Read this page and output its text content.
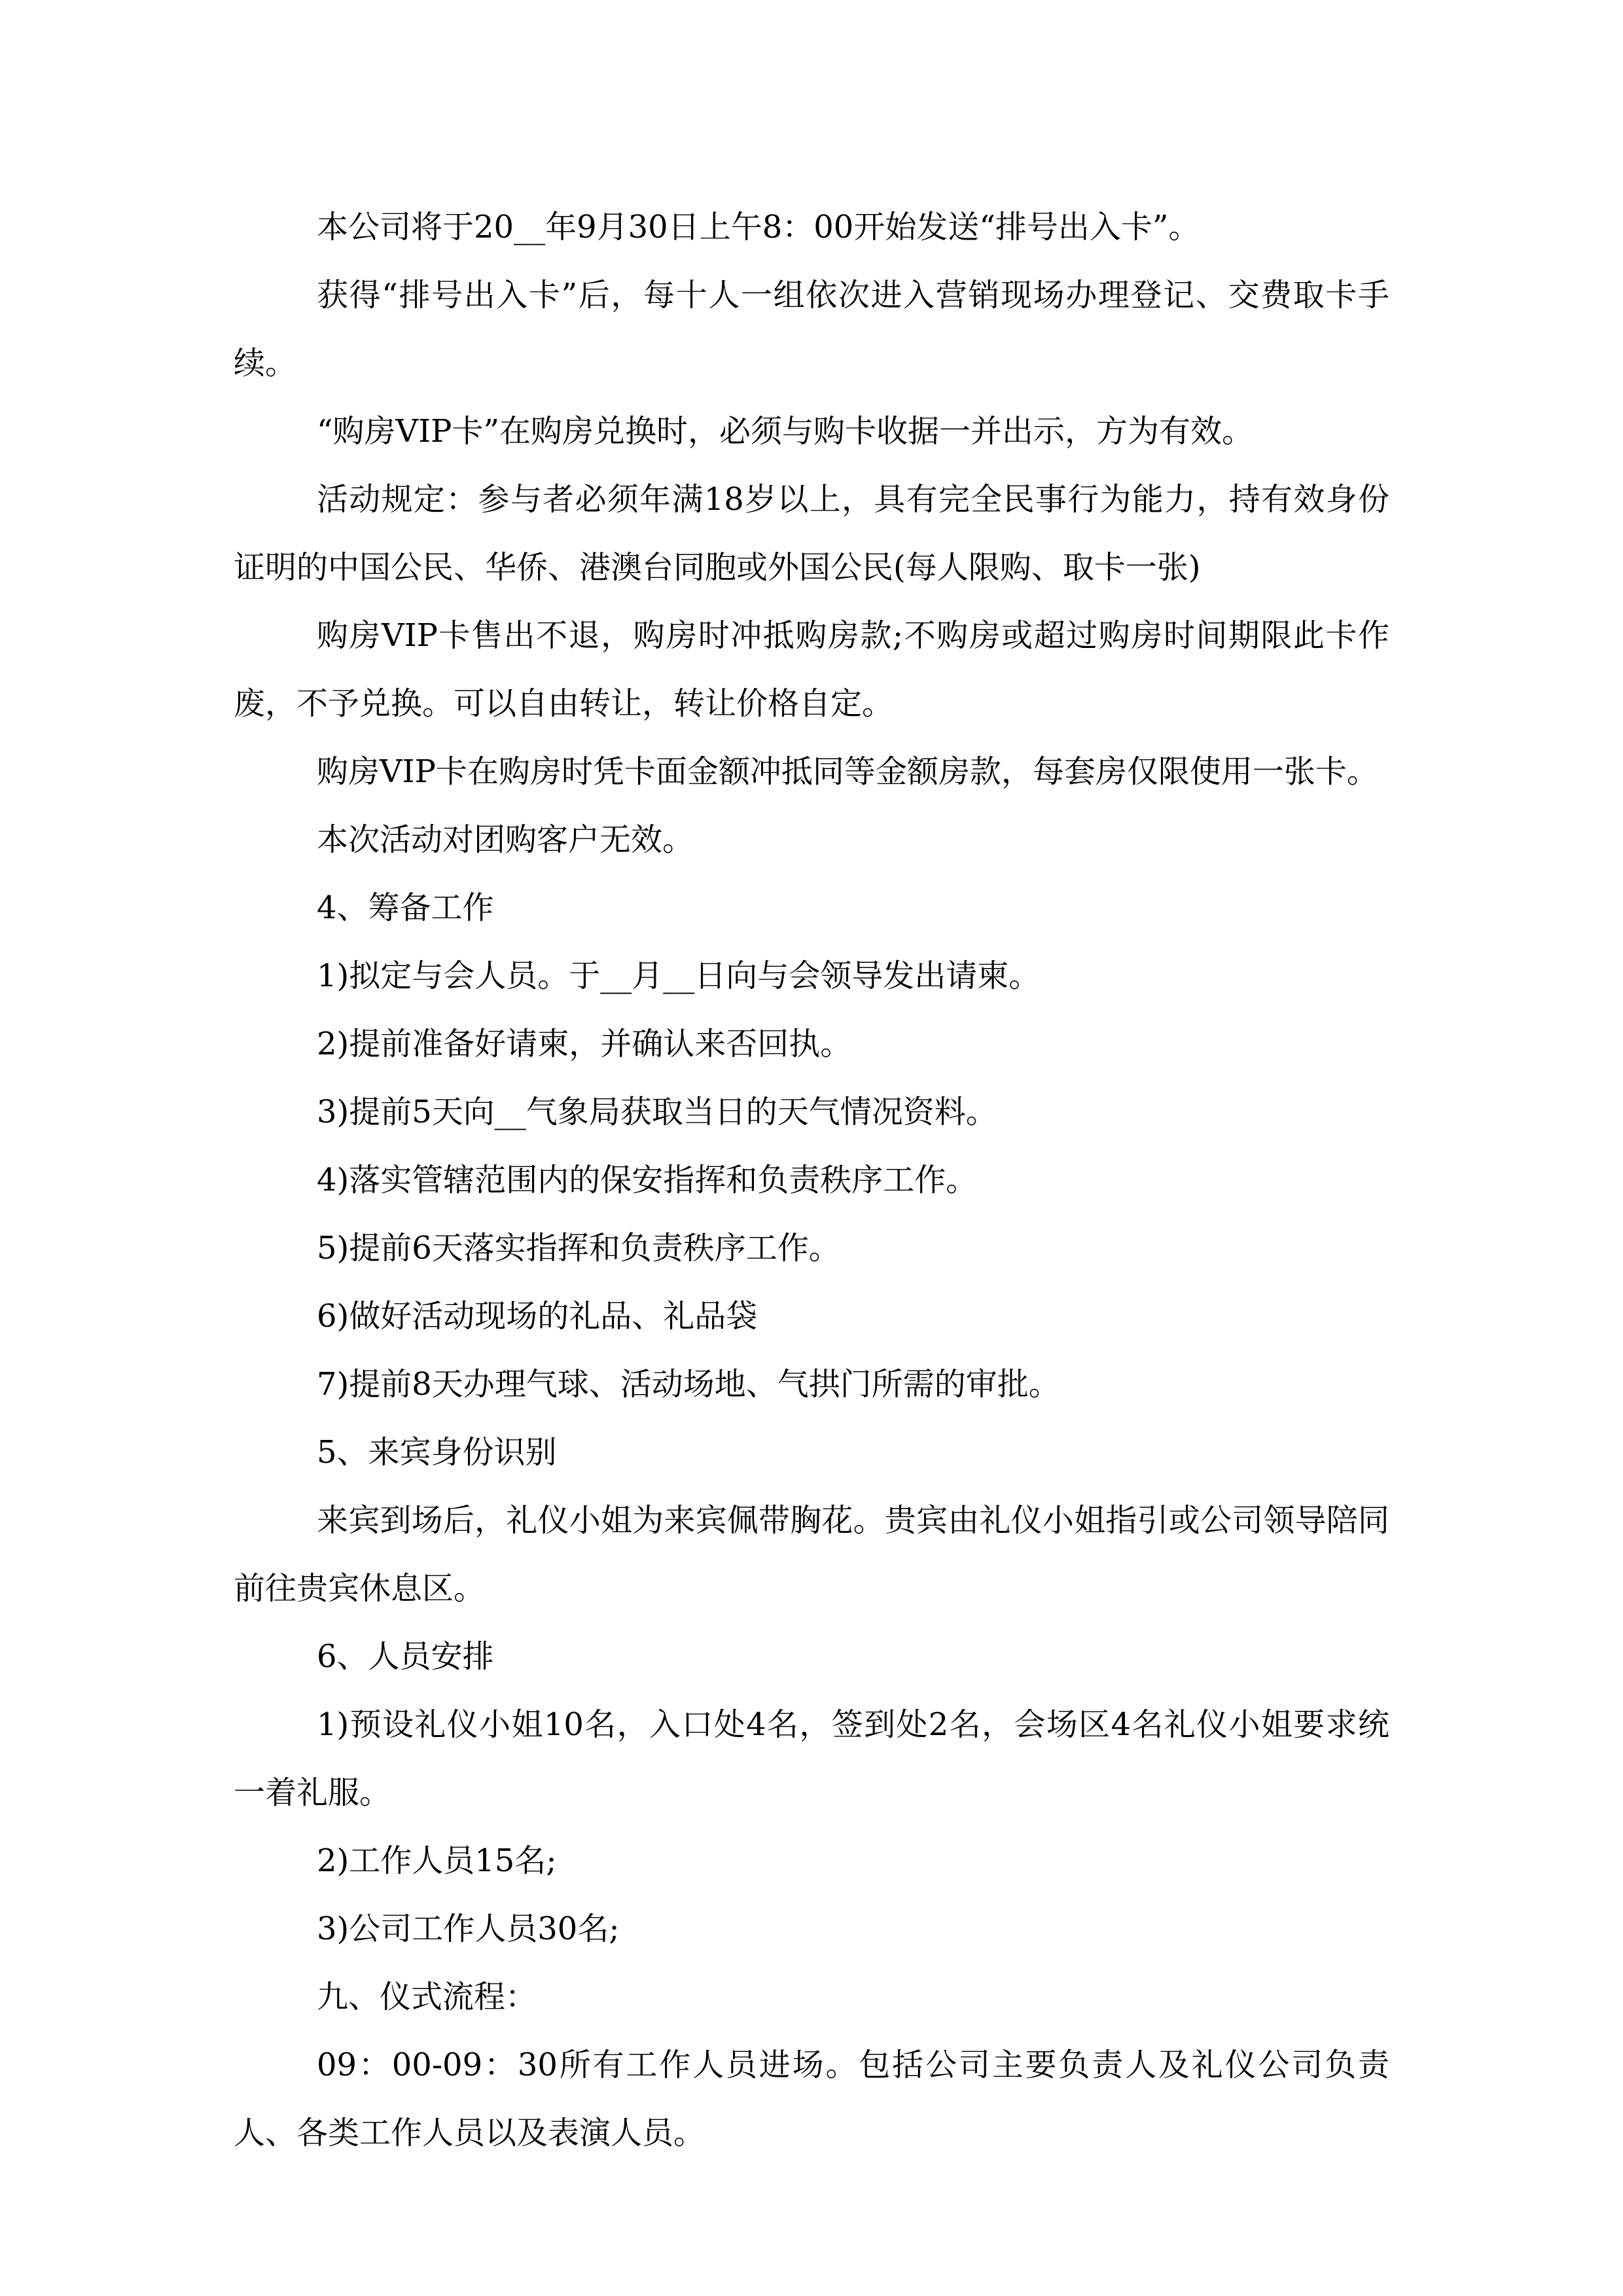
本公司将于20__年9月30日上午8：00开始发送“排号出入卡”。

获得“排号出入卡”后，每十人一组依次进入营销现场办理登记、交费取卡手续。

“购房VIP卡”在购房兑换时，必须与购卡收据一并出示，方为有效。

活动规定：参与者必须年满18岁以上，具有完全民事行为能力，持有效身份证明的中国公民、华侨、港澳台同胞或外国公民(每人限购、取卡一张)

购房VIP卡售出不退，购房时冲抵购房款;不购房或超过购房时间期限此卡作废，不予兑换。可以自由转让，转让价格自定。

购房VIP卡在购房时凭卡面金额冲抵同等金额房款，每套房仅限使用一张卡。

本次活动对团购客户无效。

4、筹备工作

1)拟定与会人员。于__月__日向与会领导发出请柬。

2)提前准备好请柬，并确认来否回执。

3)提前5天向__气象局获取当日的天气情况资料。

4)落实管辖范围内的保安指挥和负责秩序工作。

5)提前6天落实指挥和负责秩序工作。

6)做好活动现场的礼品、礼品袋

7)提前8天办理气球、活动场地、气拱门所需的审批。

5、来宾身份识别

来宾到场后，礼仪小姐为来宾佩带胸花。贵宾由礼仪小姐指引或公司领导陪同前往贵宾休息区。

6、人员安排

1)预设礼仪小姐10名，入口处4名，签到处2名，会场区4名礼仪小姐要求统一着礼服。

2)工作人员15名;

3)公司工作人员30名;

九、仪式流程：

09：00-09：30所有工作人员进场。包括公司主要负责人及礼仪公司负责人、各类工作人员以及表演人员。
